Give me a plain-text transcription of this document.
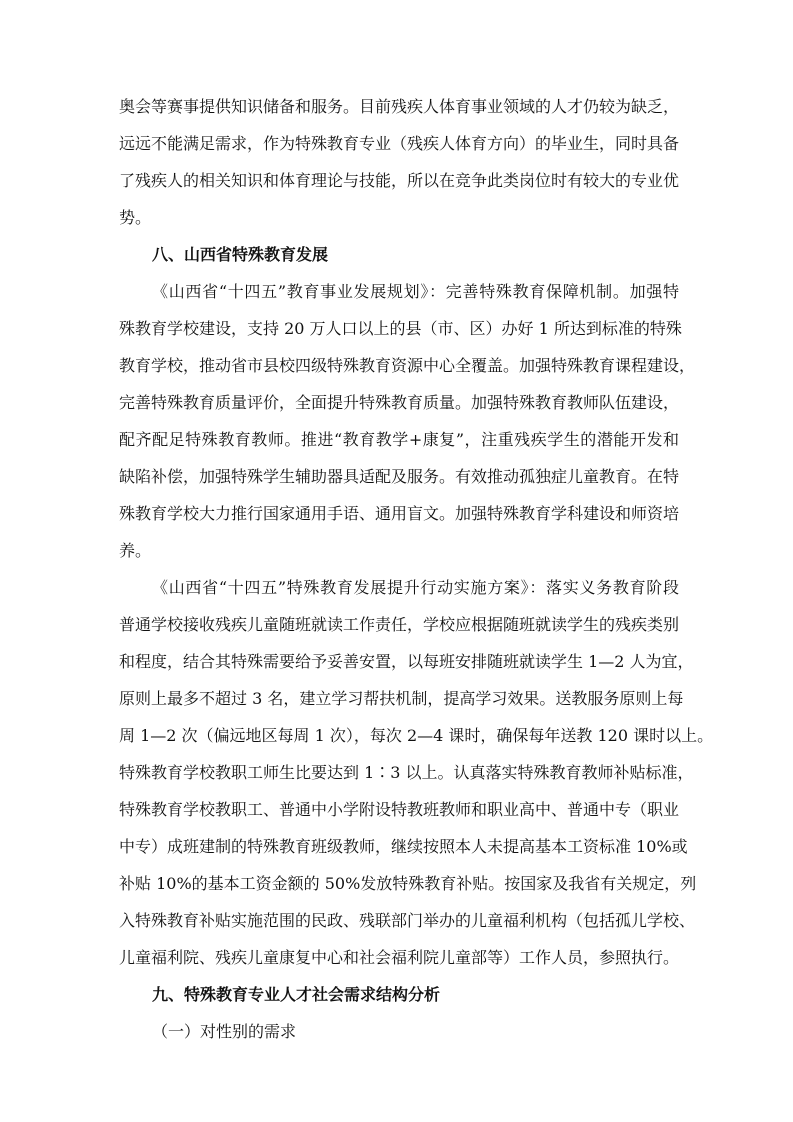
奥会等赛事提供知识储备和服务。目前残疾人体育事业领域的人才仍较为缺乏，
远远不能满足需求，作为特殊教育专业（残疾人体育方向）的毕业生，同时具备
了残疾人的相关知识和体育理论与技能，所以在竞争此类岗位时有较大的专业优
势。
八、山西省特殊教育发展
《山西省“十四五”教育事业发展规划》：完善特殊教育保障机制。加强特
殊教育学校建设，支持 20 万人口以上的县（市、区）办好 1 所达到标准的特殊
教育学校，推动省市县校四级特殊教育资源中心全覆盖。加强特殊教育课程建设，
完善特殊教育质量评价，全面提升特殊教育质量。加强特殊教育教师队伍建设，
配齐配足特殊教育教师。推进“教育教学+康复”，注重残疾学生的潜能开发和
缺陷补偿，加强特殊学生辅助器具适配及服务。有效推动孤独症儿童教育。在特
殊教育学校大力推行国家通用手语、通用盲文。加强特殊教育学科建设和师资培
养。
《山西省“十四五”特殊教育发展提升行动实施方案》：落实义务教育阶段
普通学校接收残疾儿童随班就读工作责任，学校应根据随班就读学生的残疾类别
和程度，结合其特殊需要给予妥善安置，以每班安排随班就读学生 1—2 人为宜，
原则上最多不超过 3 名，建立学习帮扶机制，提高学习效果。送教服务原则上每
周 1—2 次（偏远地区每周 1 次），每次 2—4 课时，确保每年送教 120 课时以上。
特殊教育学校教职工师生比要达到 1∶3 以上。认真落实特殊教育教师补贴标准，
特殊教育学校教职工、普通中小学附设特教班教师和职业高中、普通中专（职业
中专）成班建制的特殊教育班级教师，继续按照本人未提高基本工资标准 10%或
补贴 10%的基本工资金额的 50%发放特殊教育补贴。按国家及我省有关规定，列
入特殊教育补贴实施范围的民政、残联部门举办的儿童福利机构（包括孤儿学校、
儿童福利院、残疾儿童康复中心和社会福利院儿童部等）工作人员，参照执行。
九、特殊教育专业人才社会需求结构分析
（一）对性别的需求
